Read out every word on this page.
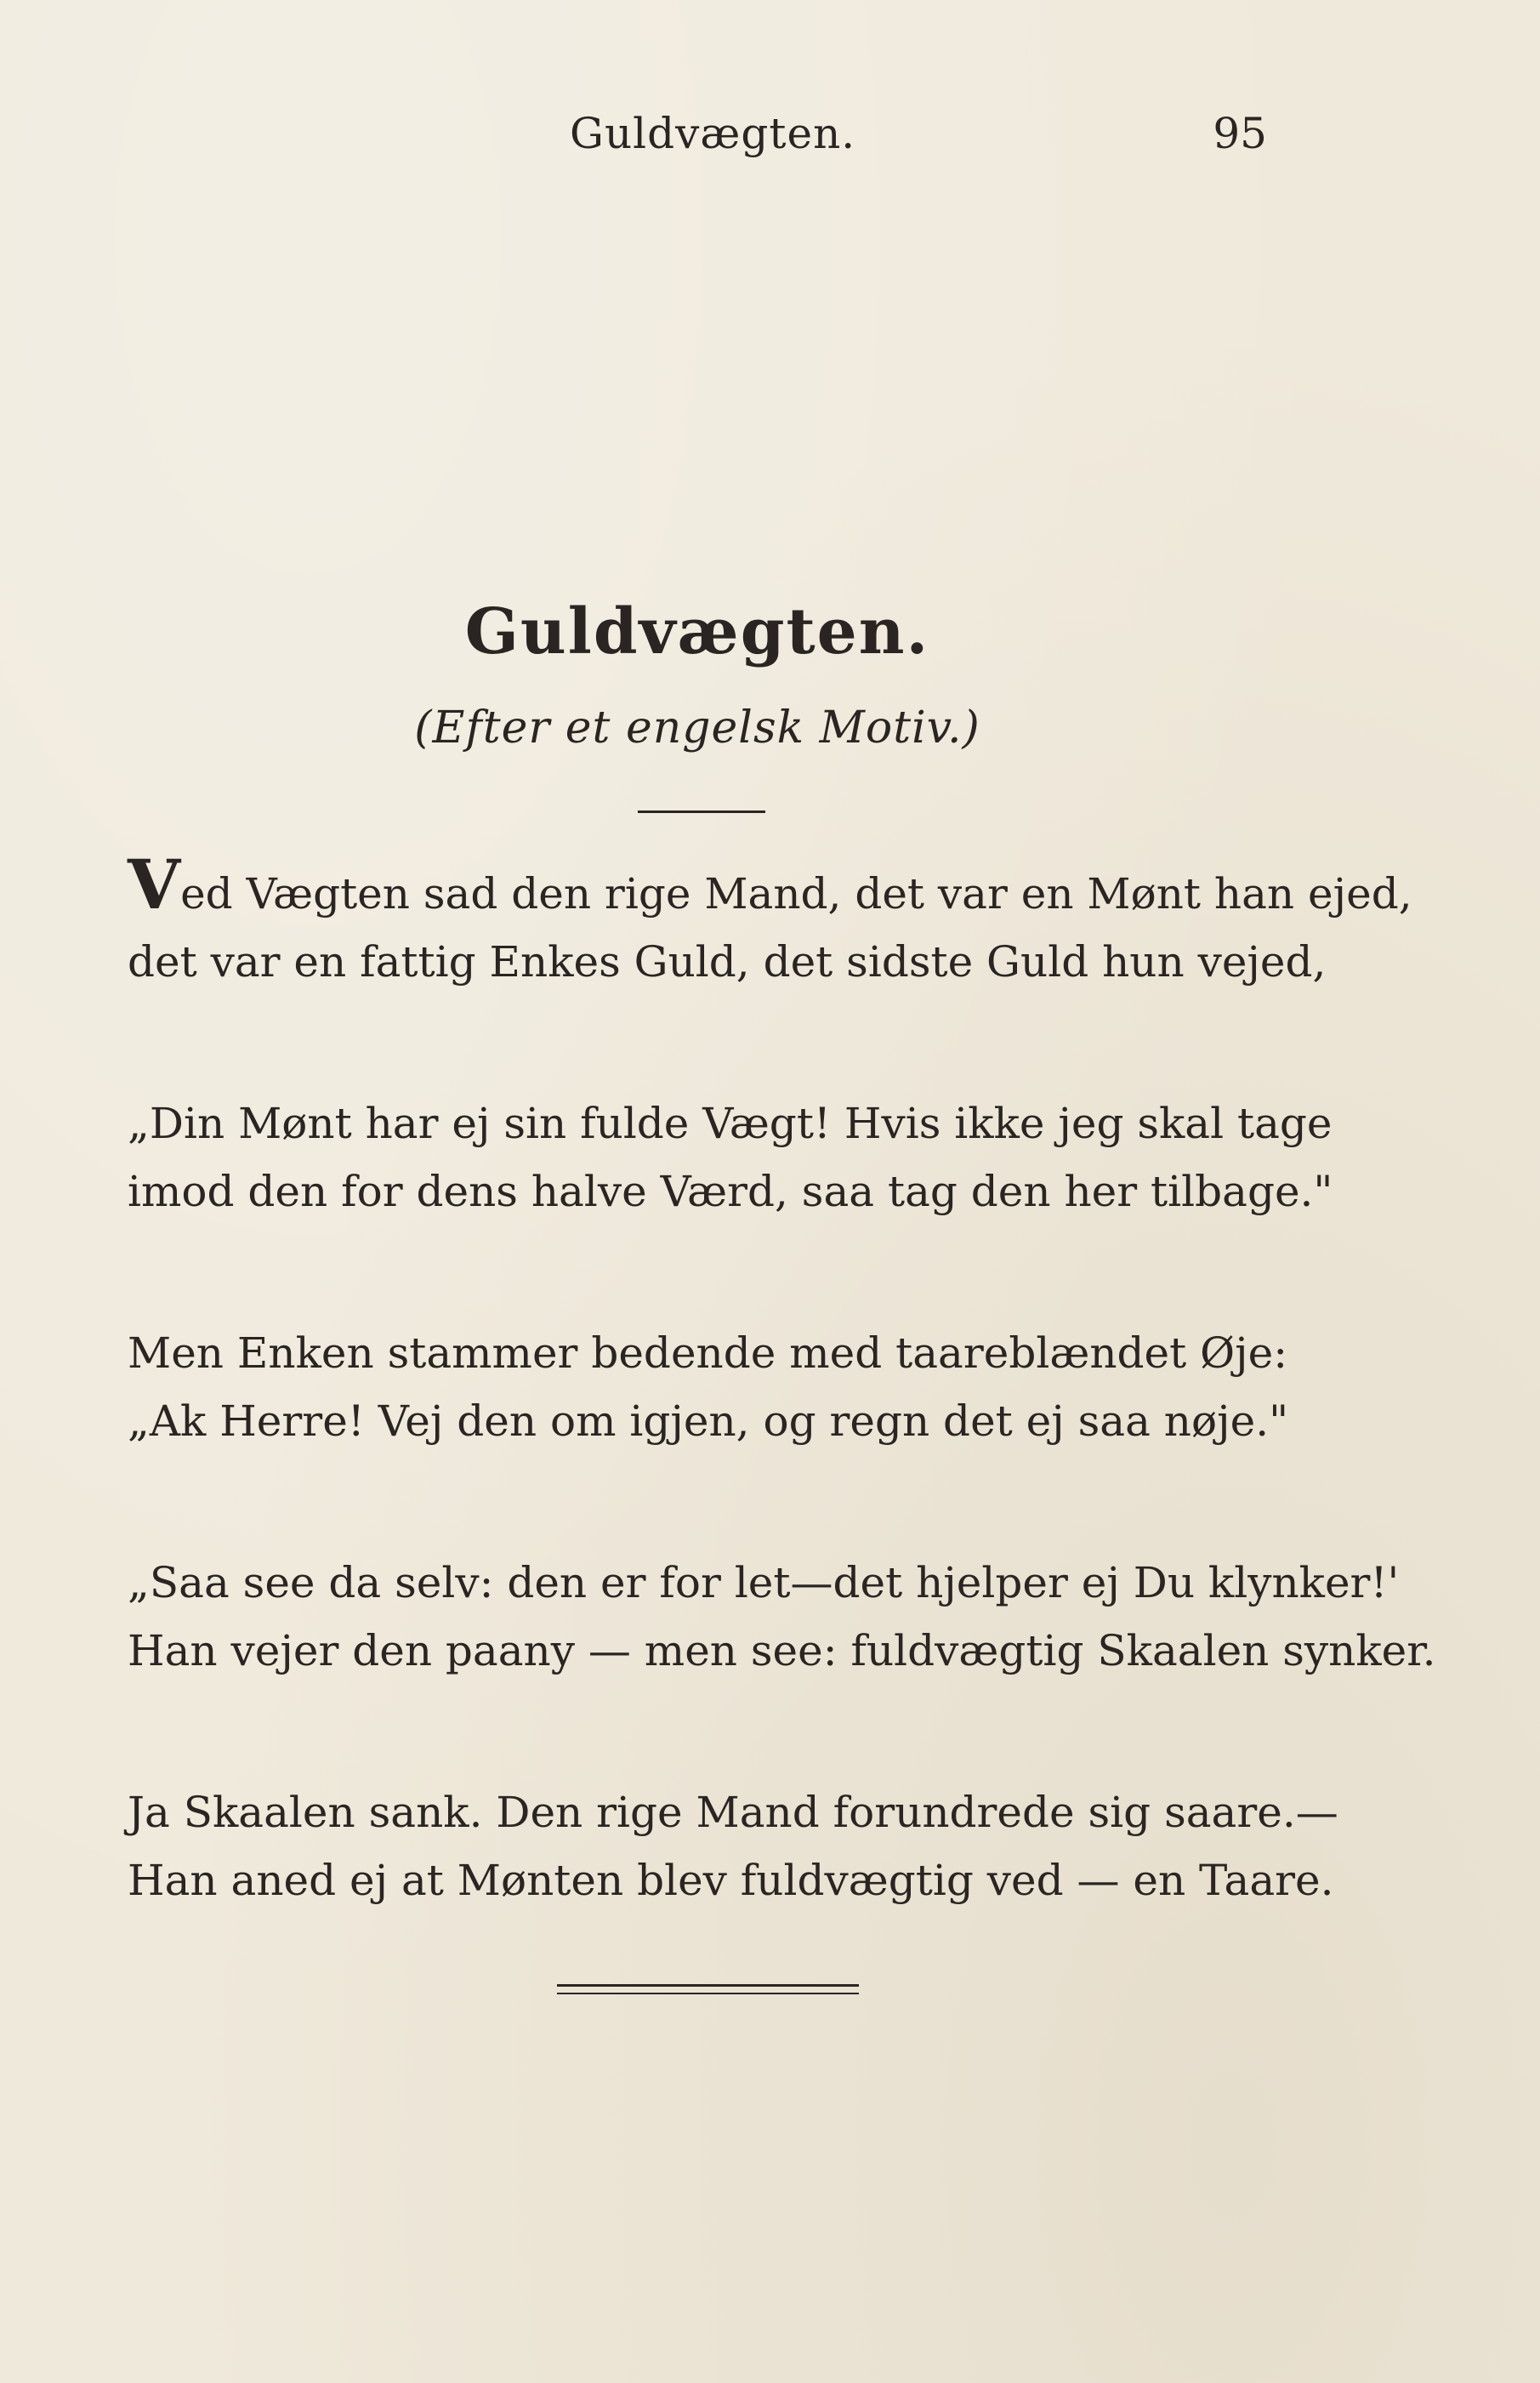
Guldvægten.	95
Guldvægten.
(Efter et engelsk Motiv.)
Ved Vægten sad den rige Mand, det var en Mønt han ejed,
det var en fattig Enkes Guld, det sidste Guld hun vejed,
„Din Mønt har ej sin fulde Vægt! Hvis ikke jeg skal tage
imod den for dens halve Værd, saa tag den her tilbage."
Men Enken stammer bedende med taareblændet Øje:
„Ak Herre! Vej den om igjen, og regn det ej saa nøje."
„Saa see da selv: den er for let—det hjelper ej Du klynker!'
Han vejer den paany — men see: fuldvægtig Skaalen synker.
Ja Skaalen sank. Den rige Mand forundrede sig saare.—
Han aned ej at Mønten blev fuldvægtig ved — en Taare.
